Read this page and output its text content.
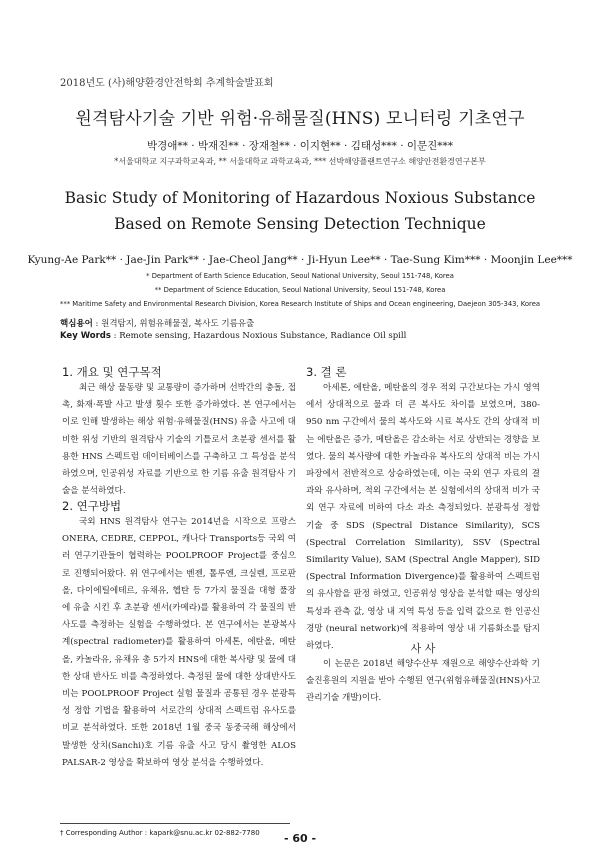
2018년도 (사)해양환경안전학회 추계학술발표회
원격탐사기술 기반 위험·유해물질(HNS) 모니터링 기초연구
박경애** · 박재진** · 장재철** · 이지현** · 김태성*** · 이문진***
*서울대학교 지구과학교육과, ** 서울대학교 과학교육과, *** 선박해양플랜트연구소 해양안전환경연구본부
Basic Study of Monitoring of Hazardous Noxious Substance
Based on Remote Sensing Detection Technique
Kyung-Ae Park** · Jae-Jin Park** · Jae-Cheol Jang** · Ji-Hyun Lee** · Tae-Sung Kim*** · Moonjin Lee***
* Department of Earth Science Education, Seoul National University, Seoul 151-748, Korea
** Department of Science Education, Seoul National University, Seoul 151-748, Korea
*** Maritime Safety and Environmental Research Division, Korea Research Institute of Ships and Ocean engineering, Daejeon 305-343, Korea
핵심용어 : 원격탐지, 위험유해물질, 복사도 기름유출
Key Words : Remote sensing, Hazardous Noxious Substance, Radiance Oil spill
1. 개요 및 연구목적

최근 해상 물동량 및 교통량이 증가하며 선박간의 충돌, 접촉, 화재·폭발 사고 발생 횟수 또한 증가하였다. 본 연구에서는 이로 인해 발생하는 해상 위험·유해물질(HNS) 유출 사고에 대비한 위성 기반의 원격탐사 기술의 기틀로서 초분광 센서를 활용한 HNS 스펙트럼 데이터베이스를 구축하고 그 특성을 분석하였으며, 인공위성 자료를 기반으로 한 기름 유출 원격탐사 기술을 분석하였다.

2. 연구방법

국외 HNS 원격탐사 연구는 2014년을 시작으로 프랑스 ONERA, CEDRE, CEPPOL, 캐나다 Transports등 국외 여러 연구기관들이 협력하는 POOLPROOF Project를 중심으로 진행되어왔다. 위 연구에서는 벤젠, 톨루엔, 크실렌, 프로판올, 다이에틸에테르, 유채유, 헵탄 등 7가지 물질을 대형 풀장에 유출 시킨 후 초분광 센서(카메라)를 활용하여 각 물질의 반사도를 측정하는 실험을 수행하였다. 본 연구에서는 분광복사계(spectral radiometer)를 활용하여 아세톤, 에탄올, 메탄올, 카놀라유, 유채유 총 5가지 HNS에 대한 복사량 및 물에 대한 상대 반사도 비를 측정하였다. 측정된 물에 대한 상대반사도 비는 POOLPROOF Project 실험 물질과 공통된 경우 분광특성 정합 기법을 활용하여 서로간의 상대적 스펙트럼 유사도를 비교 분석하였다. 또한 2018년 1월 중국 동중국해 해상에서 발생한 상치(Sanchi)호 기름 유출 사고 당시 촬영한 ALOS PALSAR-2 영상을 확보하여 영상 분석을 수행하였다.

3. 결 론

아세톤, 에탄올, 메탄올의 경우 적외 구간보다는 가시 영역에서 상대적으로 물과 더 큰 복사도 차이를 보였으며, 380-950 nm 구간에서 물의 복사도와 시료 복사도 간의 상대적 비는 에탄올은 증가, 메탄올은 감소하는 서로 상반되는 경향을 보였다. 물의 복사량에 대한 카놀라유 복사도의 상대적 비는 가시파장에서 전반적으로 상승하였는데, 이는 국외 연구 자료의 결과와 유사하며, 적외 구간에서는 본 실험에서의 상대적 비가 국외 연구 자료에 비하여 다소 과소 측정되었다. 분광특성 정합 기술 중 SDS (Spectral Distance Similarity), SCS (Spectral Correlation Similarity), SSV (Spectral Similarity Value), SAM (Spectral Angle Mapper), SID (Spectral Information Divergence)를 활용하여 스펙트럼의 유사함을 판정 하였고, 인공위성 영상을 분석할 때는 영상의 특성과 관측 값, 영상 내 지역 특성 등을 입력 값으로 한 인공신경망 (neural network)에 적용하여 영상 내 기름화소를 탐지하였다.	사 사

이 논문은 2018년 해양수산부 재원으로 해양수산과학 기술진흥원의 지원을 받아 수행된 연구(위험유해물질(HNS)사고 관리기술 개발)이다.

† Corresponding Author : kapark@snu.ac.kr 02-882-7780	- 60 -
